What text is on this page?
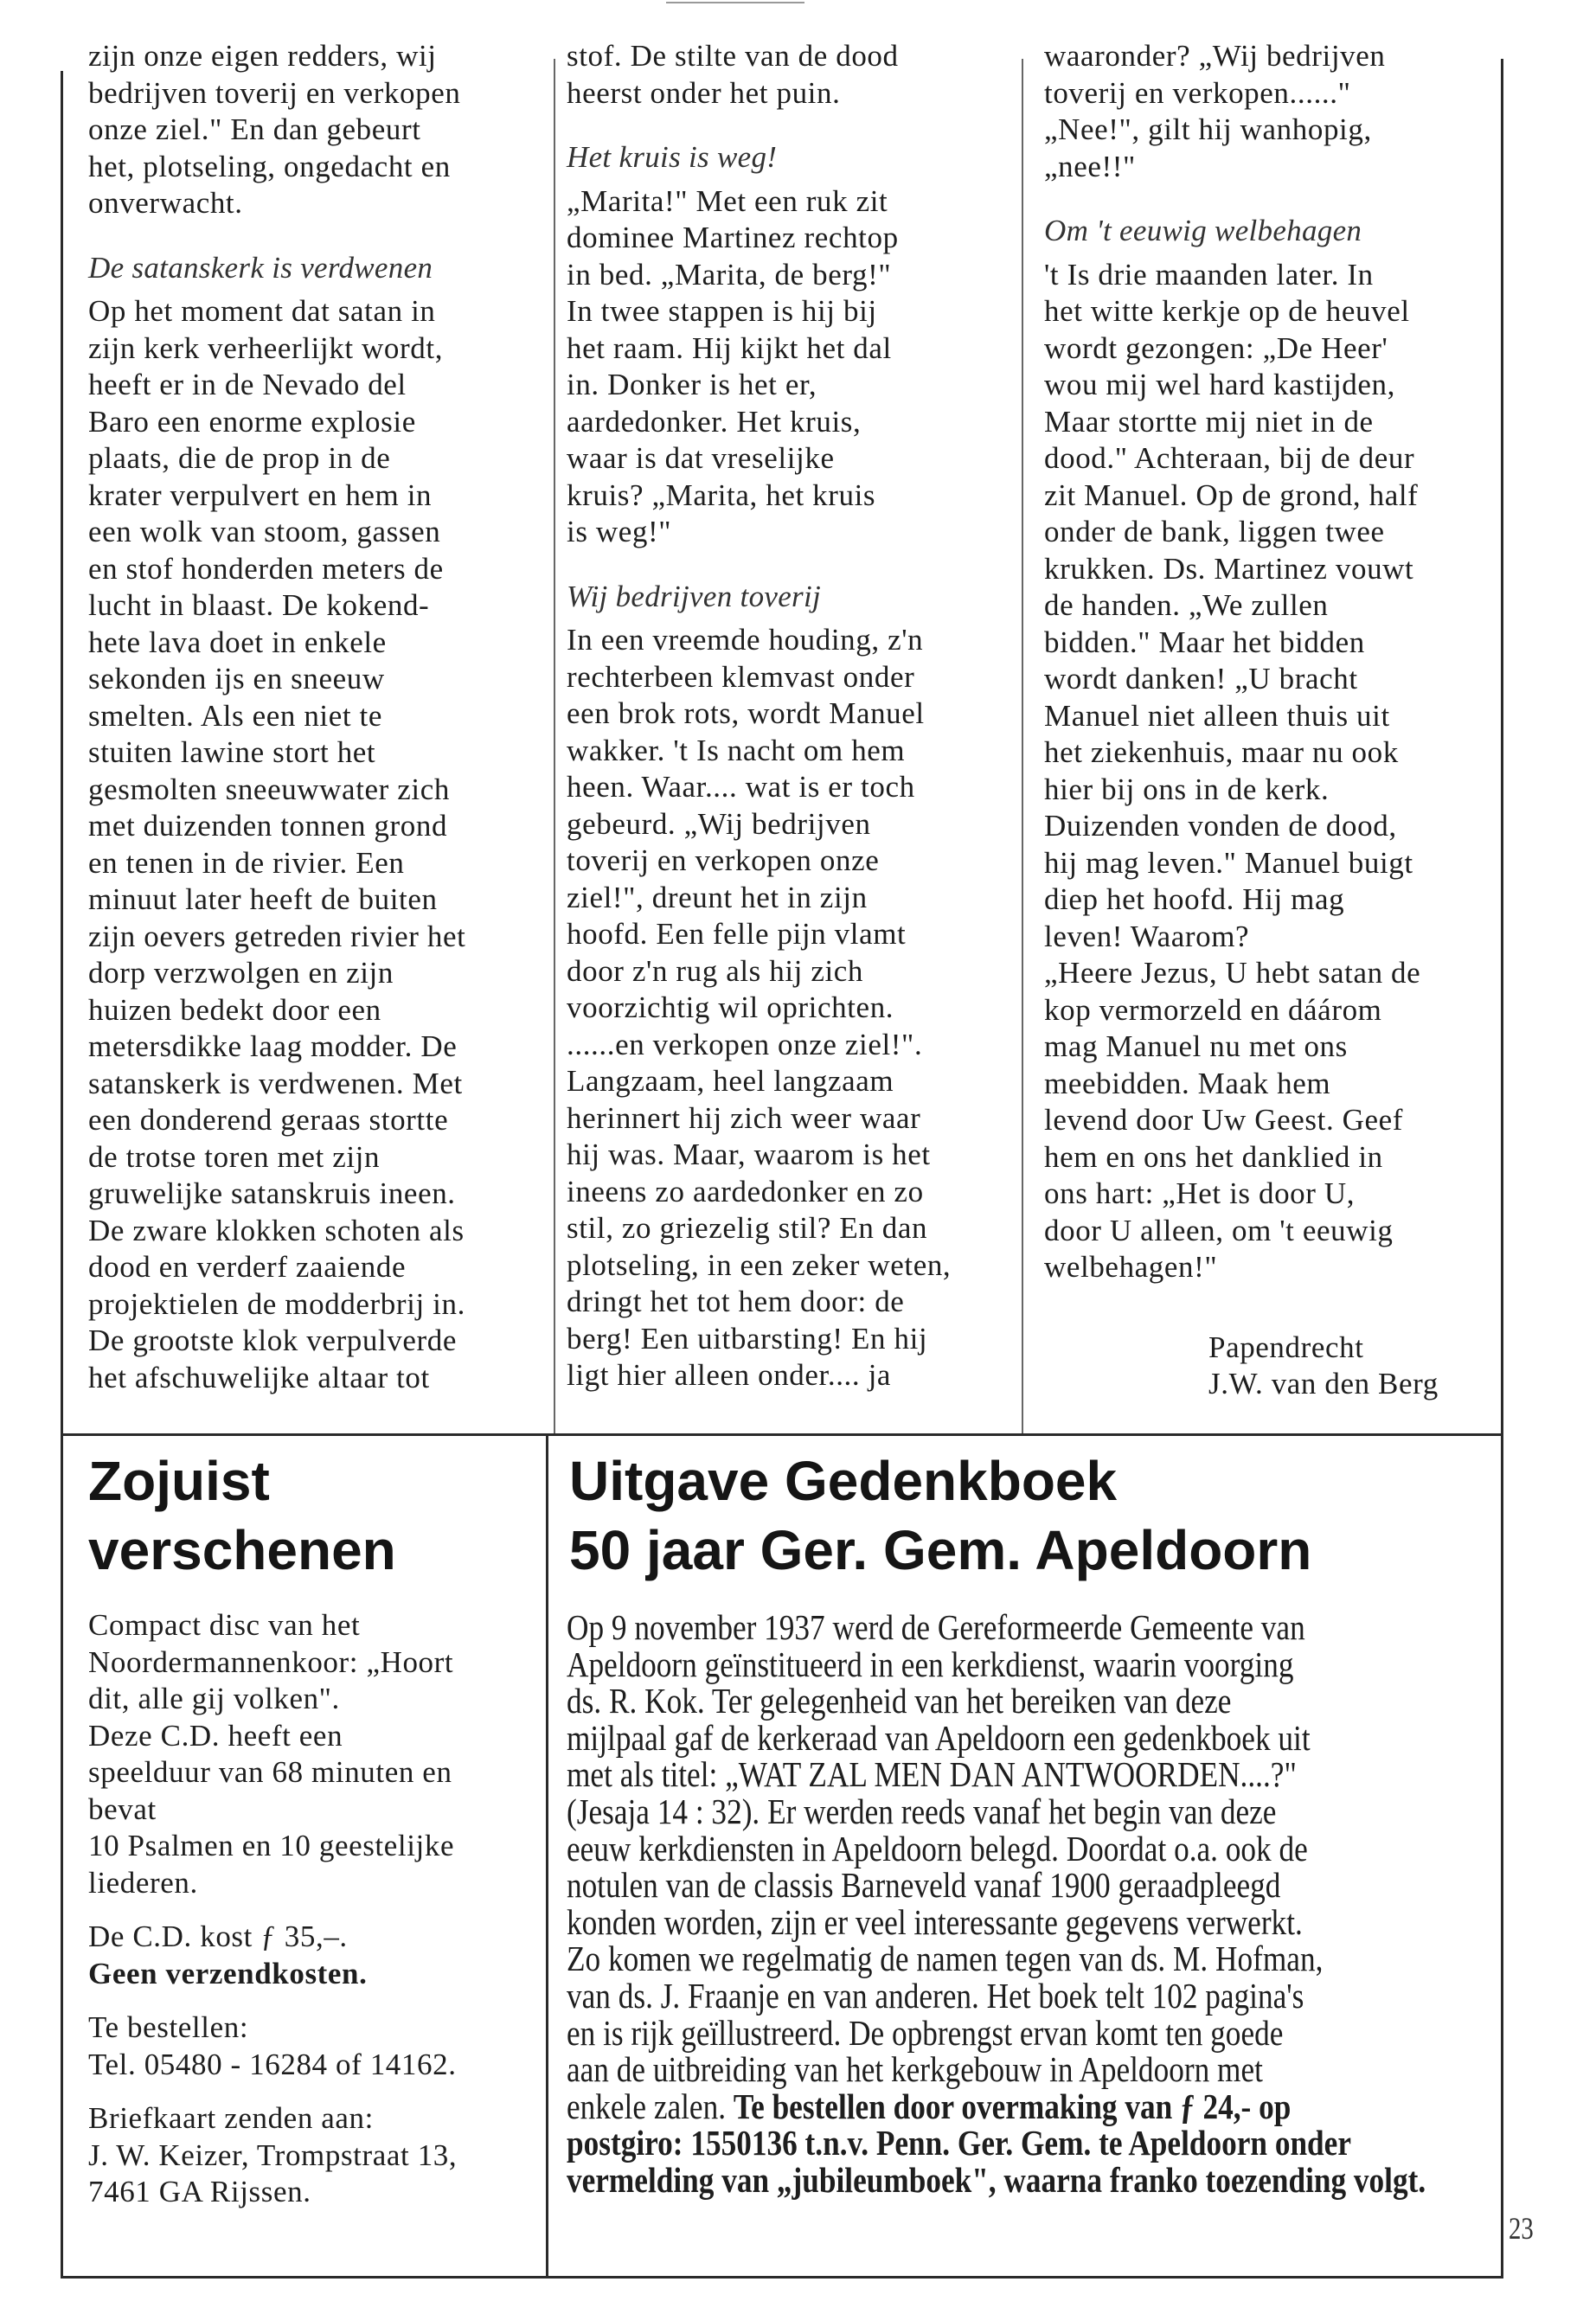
zijn onze eigen redders, wij
bedrijven toverij en verkopen
onze ziel." En dan gebeurt
het, plotseling, ongedacht en
onverwacht.
De satanskerk is verdwenen
Op het moment dat satan in
zijn kerk verheerlijkt wordt,
heeft er in de Nevado del
Baro een enorme explosie
plaats, die de prop in de
krater verpulvert en hem in
een wolk van stoom, gassen
en stof honderden meters de
lucht in blaast. De kokend-
hete lava doet in enkele
sekonden ijs en sneeuw
smelten. Als een niet te
stuiten lawine stort het
gesmolten sneeuwwater zich
met duizenden tonnen grond
en tenen in de rivier. Een
minuut later heeft de buiten
zijn oevers getreden rivier het
dorp verzwolgen en zijn
huizen bedekt door een
metersdikke laag modder. De
satanskerk is verdwenen. Met
een donderend geraas stortte
de trotse toren met zijn
gruwelijke satanskruis ineen.
De zware klokken schoten als
dood en verderf zaaiende
projektielen de modderbrij in.
De grootste klok verpulverde
het afschuwelijke altaar tot
stof. De stilte van de dood
heerst onder het puin.
Het kruis is weg!
„Marita!" Met een ruk zit
dominee Martinez rechtop
in bed. „Marita, de berg!"
In twee stappen is hij bij
het raam. Hij kijkt het dal
in. Donker is het er,
aardedonker. Het kruis,
waar is dat vreselijke
kruis? „Marita, het kruis
is weg!"
Wij bedrijven toverij
In een vreemde houding, z'n
rechterbeen klemvast onder
een brok rots, wordt Manuel
wakker. 't Is nacht om hem
heen. Waar.... wat is er toch
gebeurd. „Wij bedrijven
toverij en verkopen onze
ziel!", dreunt het in zijn
hoofd. Een felle pijn vlamt
door z'n rug als hij zich
voorzichtig wil oprichten.
......en verkopen onze ziel!".
Langzaam, heel langzaam
herinnert hij zich weer waar
hij was. Maar, waarom is het
ineens zo aardedonker en zo
stil, zo griezelig stil? En dan
plotseling, in een zeker weten,
dringt het tot hem door: de
berg! Een uitbarsting! En hij
ligt hier alleen onder.... ja
waaronder? „Wij bedrijven
toverij en verkopen......"
„Nee!", gilt hij wanhopig,
„nee!!"
Om 't eeuwig welbehagen
't Is drie maanden later. In
het witte kerkje op de heuvel
wordt gezongen: „De Heer'
wou mij wel hard kastijden,
Maar stortte mij niet in de
dood." Achteraan, bij de deur
zit Manuel. Op de grond, half
onder de bank, liggen twee
krukken. Ds. Martinez vouwt
de handen. „We zullen
bidden." Maar het bidden
wordt danken! „U bracht
Manuel niet alleen thuis uit
het ziekenhuis, maar nu ook
hier bij ons in de kerk.
Duizenden vonden de dood,
hij mag leven." Manuel buigt
diep het hoofd. Hij mag
leven! Waarom?
„Heere Jezus, U hebt satan de
kop vermorzeld en dáárom
mag Manuel nu met ons
meebidden. Maak hem
levend door Uw Geest. Geef
hem en ons het danklied in
ons hart: „Het is door U,
door U alleen, om 't eeuwig
welbehagen!"
Papendrecht
J.W. van den Berg
Zojuist
verschenen
Compact disc van het
Noordermannenkoor: „Hoort
dit, alle gij volken".
Deze C.D. heeft een
speelduur van 68 minuten en
bevat
10 Psalmen en 10 geestelijke
liederen.
De C.D. kost ƒ 35,–.
Geen verzendkosten.
Te bestellen:
Tel. 05480 - 16284 of 14162.
Briefkaart zenden aan:
J. W. Keizer, Trompstraat 13,
7461 GA Rijssen.
Uitgave Gedenkboek
50 jaar Ger. Gem. Apeldoorn
Op 9 november 1937 werd de Gereformeerde Gemeente van
Apeldoorn geïnstitueerd in een kerkdienst, waarin voorging
ds. R. Kok. Ter gelegenheid van het bereiken van deze
mijlpaal gaf de kerkeraad van Apeldoorn een gedenkboek uit
met als titel: „WAT ZAL MEN DAN ANTWOORDEN....?"
(Jesaja 14 : 32). Er werden reeds vanaf het begin van deze
eeuw kerkdiensten in Apeldoorn belegd. Doordat o.a. ook de
notulen van de classis Barneveld vanaf 1900 geraadpleegd
konden worden, zijn er veel interessante gegevens verwerkt.
Zo komen we regelmatig de namen tegen van ds. M. Hofman,
van ds. J. Fraanje en van anderen. Het boek telt 102 pagina's
en is rijk geïllustreerd. De opbrengst ervan komt ten goede
aan de uitbreiding van het kerkgebouw in Apeldoorn met
enkele zalen. Te bestellen door overmaking van ƒ 24,- op
postgiro: 1550136 t.n.v. Penn. Ger. Gem. te Apeldoorn onder
vermelding van „jubileumboek", waarna franko toezending volgt.
23
